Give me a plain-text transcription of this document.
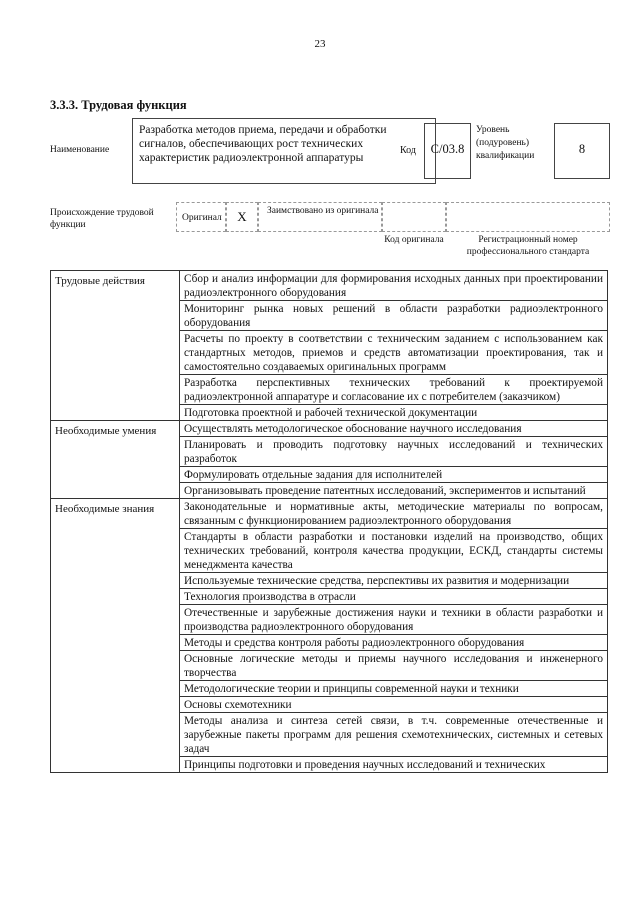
23
3.3.3. Трудовая функция
Наименование
Разработка методов приема, передачи и обработки сигналов, обеспечивающих рост технических характеристик радиоэлектронной аппаратуры
Код	C/03.8
Уровень (подуровень) квалификации	8
Происхождение трудовой функции
Оригинал	X	Заимствовано из оригинала
Код оригинала	Регистрационный номер профессионального стандарта
Трудовые действия	Сбор и анализ информации для формирования исходных данных при проектировании радиоэлектронного оборудования
	Мониторинг рынка новых решений в области разработки радиоэлектронного оборудования
	Расчеты по проекту в соответствии с техническим заданием с использованием как стандартных методов, приемов и средств автоматизации проектирования, так и самостоятельно создаваемых оригинальных программ
	Разработка перспективных технических требований к проектируемой радиоэлектронной аппаратуре и согласование их с потребителем (заказчиком)
	Подготовка проектной и рабочей технической документации
Необходимые умения	Осуществлять методологическое обоснование научного исследования
	Планировать и проводить подготовку научных исследований и технических разработок
	Формулировать отдельные задания для исполнителей
	Организовывать проведение патентных исследований, экспериментов и испытаний
Необходимые знания	Законодательные и нормативные акты, методические материалы по вопросам, связанным с функционированием радиоэлектронного оборудования
	Стандарты в области разработки и постановки изделий на производство, общих технических требований, контроля качества продукции, ЕСКД, стандарты системы менеджмента качества
	Используемые технические средства, перспективы их развития и модернизации
	Технология производства в отрасли
	Отечественные и зарубежные достижения науки и техники в области разработки и производства радиоэлектронного оборудования
	Методы и средства контроля работы радиоэлектронного оборудования
	Основные логические методы и приемы научного исследования и инженерного творчества
	Методологические теории и принципы современной науки и техники
	Основы схемотехники
	Методы анализа и синтеза сетей связи, в т.ч. современные отечественные и зарубежные пакеты программ для решения схемотехнических, системных и сетевых задач
	Принципы подготовки и проведения научных исследований и технических
